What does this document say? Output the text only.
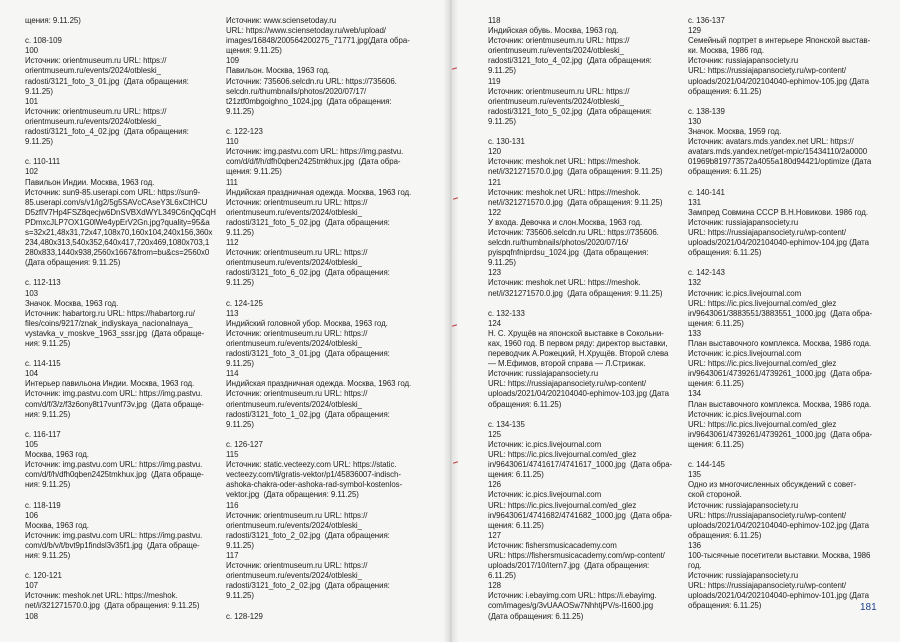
щения: 9.11.25)
с. 108-109
100
Источник: orientmuseum.ru URL: https://
orientmuseum.ru/events/2024/otbleski_
radosti/3121_foto_3_01.jpg  (Дата обращения:
9.11.25)
101
Источник: orientmuseum.ru URL: https://
orientmuseum.ru/events/2024/otbleski_
radosti/3121_foto_4_02.jpg  (Дата обращения:
9.11.25)
с. 110-111
102
Павильон Индии. Москва, 1963 год.
Источник: sun9-85.userapi.com URL: https://sun9-
85.userapi.com/s/v1/ig2/5g5SAVcCAseY3L6xCtHCU
D5zfIV7Hp4FSZ8qecjw6DnSVBXdWYL349C6nQqCqH
PDmxcJLP7OX1G0lWe4ypErV2Gn.jpg?quality=95&a
s=32x21,48x31,72x47,108x70,160x104,240x156,360x
234,480x313,540x352,640x417,720x469,1080x703,1
280x833,1440x938,2560x1667&from=bu&cs=2560x0
(Дата обращения: 9.11.25)
с. 112-113
103
Значок. Москва, 1963 год.
Источник: habartorg.ru URL: https://habartorg.ru/
files/coins/9217/znak_indiyskaya_nacionalnaya_
vystavka_v_moskve_1963_sssr.jpg  (Дата обраще-
ния: 9.11.25)
с. 114-115
104
Интерьер павильона Индии. Москва, 1963 год.
Источник: img.pastvu.com URL: https://img.pastvu.
com/d/f/3/z/f3z6ony8t17vunf73v.jpg  (Дата обраще-
ния: 9.11.25)
с. 116-117
105
Москва, 1963 год.
Источник: img.pastvu.com URL: https://img.pastvu.
com/d/f/h/dfh0qben2425tmkhux.jpg  (Дата обраще-
ния: 9.11.25)
с. 118-119
106
Москва, 1963 год.
Источник: img.pastvu.com URL: https://img.pastvu.
com/d/b/v/t/bvt9p1findsl3v35f1.jpg  (Дата обраще-
ния: 9.11.25)
с. 120-121
107
Источник: meshok.net URL: https://meshok.
net/i/321271570.0.jpg  (Дата обращения: 9.11.25)
108
Источник: www.sciensetoday.ru
URL: https://www.sciensetoday.ru/web/upload/
images/16848/200564200275_71771.jpg(Дата обра-
щения: 9.11.25)
109
Павильон. Москва, 1963 год.
Источник: 735606.selcdn.ru URL: https://735606.
selcdn.ru/thumbnails/photos/2020/07/17/
t21ztf0mbgoighno_1024.jpg  (Дата обращения:
9.11.25)
с. 122-123
110
Источник: img.pastvu.com URL: https://img.pastvu.
com/d/d/f/h/dfh0qben2425tmkhux.jpg  (Дата обра-
щения: 9.11.25)
111
Индийская праздничная одежда. Москва, 1963 год.
Источник: orientmuseum.ru URL: https://
orientmuseum.ru/events/2024/otbleski_
radosti/3121_foto_5_02.jpg  (Дата обращения:
9.11.25)
112
Источник: orientmuseum.ru URL: https://
orientmuseum.ru/events/2024/otbleski_
radosti/3121_foto_6_02.jpg  (Дата обращения:
9.11.25)
с. 124-125
113
Индийский головной убор. Москва, 1963 год.
Источник: orientmuseum.ru URL: https://
orientmuseum.ru/events/2024/otbleski_
radosti/3121_foto_3_01.jpg  (Дата обращения:
9.11.25)
114
Индийская праздничная одежда. Москва, 1963 год.
Источник: orientmuseum.ru URL: https://
orientmuseum.ru/events/2024/otbleski_
radosti/3121_foto_1_02.jpg  (Дата обращения:
9.11.25)
с. 126-127
115
Источник: static.vecteezy.com URL: https://static.
vecteezy.com/ti/gratis-vektor/p1/45836007-indisch-
ashoka-chakra-oder-ashoka-rad-symbol-kostenlos-
vektor.jpg  (Дата обращения: 9.11.25)
116
Источник: orientmuseum.ru URL: https://
orientmuseum.ru/events/2024/otbleski_
radosti/3121_foto_2_02.jpg  (Дата обращения:
9.11.25)
117
Источник: orientmuseum.ru URL: https://
orientmuseum.ru/events/2024/otbleski_
radosti/3121_foto_2_02.jpg  (Дата обращения:
9.11.25)
с. 128-129
118
Индийская обувь. Москва, 1963 год.
Источник: orientmuseum.ru URL: https://
orientmuseum.ru/events/2024/otbleski_
radosti/3121_foto_4_02.jpg  (Дата обращения:
9.11.25)
119
Источник: orientmuseum.ru URL: https://
orientmuseum.ru/events/2024/otbleski_
radosti/3121_foto_5_02.jpg  (Дата обращения:
9.11.25)
с. 130-131
120
Источник: meshok.net URL: https://meshok.
net/i/321271570.0.jpg  (Дата обращения: 9.11.25)
121
Источник: meshok.net URL: https://meshok.
net/i/321271570.0.jpg  (Дата обращения: 9.11.25)
122
У входа. Девочка и слон.Москва, 1963 год.
Источник: 735606.selcdn.ru URL: https://735606.
selcdn.ru/thumbnails/photos/2020/07/16/
pyispqfnfniprdsu_1024.jpg  (Дата обращения:
9.11.25)
123
Источник: meshok.net URL: https://meshok.
net/i/321271570.0.jpg  (Дата обращения: 9.11.25)
с. 132-133
124
Н. С. Хрущёв на японской выставке в Сокольни-
ках, 1960 год. В первом ряду: директор выставки,
переводчик А.Рожецкий, Н.Хрущёв. Второй слева
— М.Ефимов, второй справа — Л.Стрижак.
Источник: russiajapansociety.ru
URL: https://russiajapansociety.ru/wp-content/
uploads/2021/04/202104040-ephimov-103.jpg (Дата
обращения: 6.11.25)
с. 134-135
125
Источник: ic.pics.livejournal.com
URL: https://ic.pics.livejournal.com/ed_glez
in/9643061/4741617/4741617_1000.jpg  (Дата обра-
щения: 6.11.25)
126
Источник: ic.pics.livejournal.com
URL: https://ic.pics.livejournal.com/ed_glez
in/9643061/4741682/4741682_1000.jpg  (Дата обра-
щения: 6.11.25)
127
Источник: fishersmusicacademy.com
URL: https://fishersmusicacademy.com/wp-content/
uploads/2017/10/itern7.jpg  (Дата обращения:
6.11.25)
128
Источник: i.ebayimg.com URL: https://i.ebayimg.
com/images/g/3vUAAOSw7NhhtjPV/s-l1600.jpg
(Дата обращения: 6.11.25)
с. 136-137
129
Семейный портрет в интерьере Японской выстав-
ки. Москва, 1986 год.
Источник: russiajapansociety.ru
URL: https://russiajapansociety.ru/wp-content/
uploads/2021/04/202104040-ephimov-105.jpg (Дата
обращения: 6.11.25)
с. 138-139
130
Значок. Москва, 1959 год.
Источник: avatars.mds.yandex.net URL: https://
avatars.mds.yandex.net/get-mpic/15434110/2a0000
01969b819773572a4055a180d94421/optimize (Дата
обращения: 6.11.25)
с. 140-141
131
Зампред Совмина СССР В.Н.Новикови. 1986 год.
Источник: russiajapansociety.ru
URL: https://russiajapansociety.ru/wp-content/
uploads/2021/04/202104040-ephimov-104.jpg (Дата
обращения: 6.11.25)
с. 142-143
132
Источник: ic.pics.livejournal.com
URL: https://ic.pics.livejournal.com/ed_glez
in/9643061/3883551/3883551_1000.jpg  (Дата обра-
щения: 6.11.25)
133
План выставочного комплекса. Москва, 1986 года.
Источник: ic.pics.livejournal.com
URL: https://ic.pics.livejournal.com/ed_glez
in/9643061/4739261/4739261_1000.jpg  (Дата обра-
щения: 6.11.25)
134
План выставочного комплекса. Москва, 1986 года.
Источник: ic.pics.livejournal.com
URL: https://ic.pics.livejournal.com/ed_glez
in/9643061/4739261/4739261_1000.jpg  (Дата обра-
щения: 6.11.25)
с. 144-145
135
Одно из многочисленных обсуждений с совет-
ской стороной.
Источник: russiajapansociety.ru
URL: https://russiajapansociety.ru/wp-content/
uploads/2021/04/202104040-ephimov-102.jpg (Дата
обращения: 6.11.25)
136
100-тысячные посетители выставки. Москва, 1986
год.
Источник: russiajapansociety.ru
URL: https://russiajapansociety.ru/wp-content/
uploads/2021/04/202104040-ephimov-101.jpg (Дата
обращения: 6.11.25)	181
